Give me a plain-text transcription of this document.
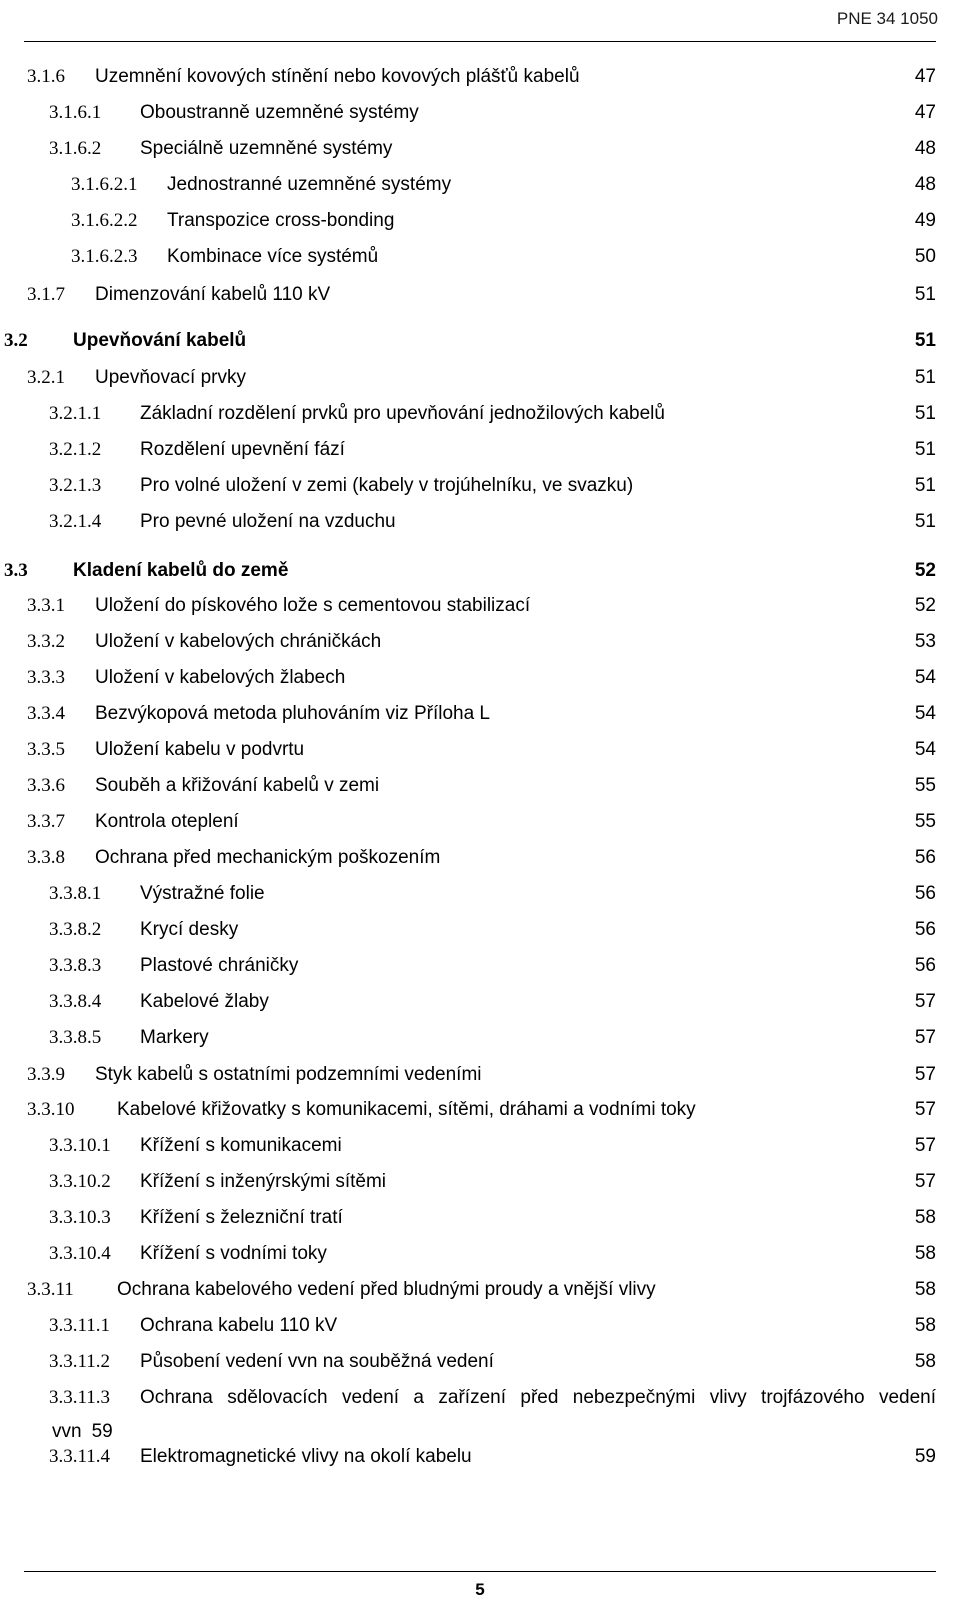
PNE 34 1050
3.1.6 Uzemnění kovových stínění nebo kovových plášťů kabelů	47
3.1.6.1 Oboustranně uzemněné systémy	47
3.1.6.2 Speciálně uzemněné systémy	48
3.1.6.2.1 Jednostranné uzemněné systémy	48
3.1.6.2.2 Transpozice cross-bonding	49
3.1.6.2.3 Kombinace více systémů	50
3.1.7 Dimenzování kabelů 110 kV	51
3.2 Upevňování kabelů	51
3.2.1 Upevňovací prvky	51
3.2.1.1 Základní rozdělení prvků pro upevňování jednožilových kabelů	51
3.2.1.2 Rozdělení upevnění fází	51
3.2.1.3 Pro volné uložení v zemi (kabely v trojúhelníku, ve svazku)	51
3.2.1.4 Pro pevné uložení na vzduchu	51
3.3 Kladení kabelů do země	52
3.3.1 Uložení do pískového lože s cementovou stabilizací	52
3.3.2 Uložení v kabelových chráničkách	53
3.3.3 Uložení v kabelových žlabech	54
3.3.4 Bezvýkopová metoda pluhováním viz Příloha L	54
3.3.5 Uložení kabelu v podvrtu	54
3.3.6 Souběh a křižování kabelů v zemi	55
3.3.7 Kontrola oteplení	55
3.3.8 Ochrana před mechanickým poškozením	56
3.3.8.1 Výstražné folie	56
3.3.8.2 Krycí desky	56
3.3.8.3 Plastové chráničky	56
3.3.8.4 Kabelové žlaby	57
3.3.8.5 Markery	57
3.3.9 Styk kabelů s ostatními podzemními vedeními	57
3.3.10 Kabelové křižovatky s komunikacemi, sítěmi, dráhami a vodními toky	57
3.3.10.1 Křížení s komunikacemi	57
3.3.10.2 Křížení s inženýrskými sítěmi	57
3.3.10.3 Křížení s železniční tratí	58
3.3.10.4 Křížení s vodními toky	58
3.3.11 Ochrana kabelového vedení před bludnými proudy a vnější vlivy	58
3.3.11.1 Ochrana kabelu 110 kV	58
3.3.11.2 Působení vedení vvn na souběžná vedení	58
3.3.11.3 Ochrana sdělovacích vedení a zařízení před nebezpečnými vlivy trojfázového vedení
vvn 59
3.3.11.4 Elektromagnetické vlivy na okolí kabelu	59
5
